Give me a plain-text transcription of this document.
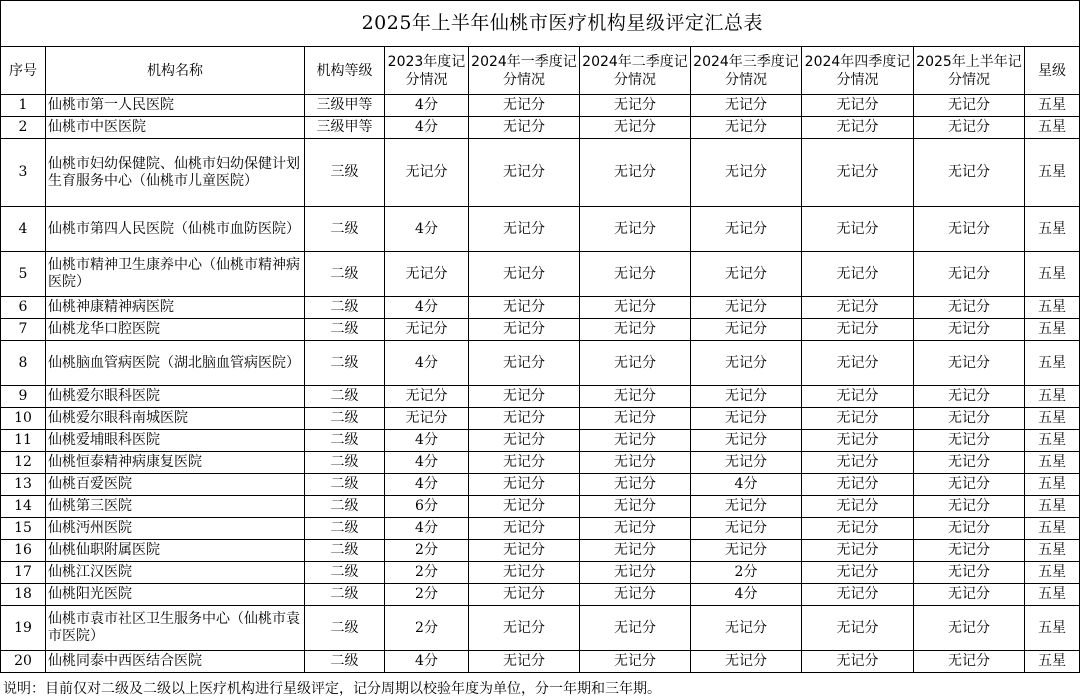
	2025年上半年仙桃市医疗机构星级评定汇总表								
序号	机构名称	机构等级	2023年度记分情况	2024年一季度记分情况	2024年二季度记分情况	2024年三季度记分情况	2024年四季度记分情况	2025年上半年记分情况	星级
1	仙桃市第一人民医院	三级甲等	4分	无记分	无记分	无记分	无记分	无记分	五星
2	仙桃市中医医院	三级甲等	4分	无记分	无记分	无记分	无记分	无记分	五星
3	仙桃市妇幼保健院、仙桃市妇幼保健计划生育服务中心（仙桃市儿童医院）	三级	无记分	无记分	无记分	无记分	无记分	无记分	五星
4	仙桃市第四人民医院（仙桃市血防医院）	二级	4分	无记分	无记分	无记分	无记分	无记分	五星
5	仙桃市精神卫生康养中心（仙桃市精神病医院）	二级	无记分	无记分	无记分	无记分	无记分	无记分	五星
6	仙桃神康精神病医院	二级	4分	无记分	无记分	无记分	无记分	无记分	五星
7	仙桃龙华口腔医院	二级	无记分	无记分	无记分	无记分	无记分	无记分	五星
8	仙桃脑血管病医院（湖北脑血管病医院）	二级	4分	无记分	无记分	无记分	无记分	无记分	五星
9	仙桃爱尔眼科医院	二级	无记分	无记分	无记分	无记分	无记分	无记分	五星
10	仙桃爱尔眼科南城医院	二级	无记分	无记分	无记分	无记分	无记分	无记分	五星
11	仙桃爱埔眼科医院	二级	4分	无记分	无记分	无记分	无记分	无记分	五星
12	仙桃恒泰精神病康复医院	二级	4分	无记分	无记分	无记分	无记分	无记分	五星
13	仙桃百爱医院	二级	4分	无记分	无记分	4分	无记分	无记分	五星
14	仙桃第三医院	二级	6分	无记分	无记分	无记分	无记分	无记分	五星
15	仙桃沔州医院	二级	4分	无记分	无记分	无记分	无记分	无记分	五星
16	仙桃仙职附属医院	二级	2分	无记分	无记分	无记分	无记分	无记分	五星
17	仙桃江汉医院	二级	2分	无记分	无记分	2分	无记分	无记分	五星
18	仙桃阳光医院	二级	2分	无记分	无记分	4分	无记分	无记分	五星
19	仙桃市袁市社区卫生服务中心（仙桃市袁市医院）	二级	2分	无记分	无记分	无记分	无记分	无记分	五星
20	仙桃同泰中西医结合医院	二级	4分	无记分	无记分	无记分	无记分	无记分	五星
说明：目前仅对二级及二级以上医疗机构进行星级评定，记分周期以校验年度为单位，分一年期和三年期。
